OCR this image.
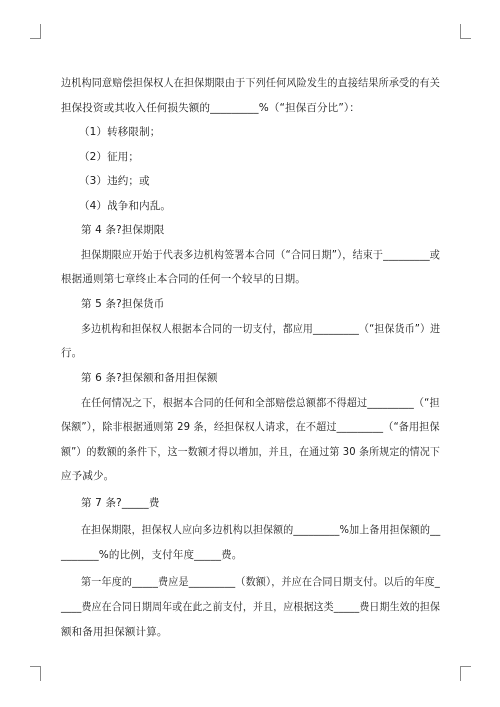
边机构同意赔偿担保权人在担保期限由于下列任何风险发生的直接结果所承受的有关
担保投资或其收入任何损失额的_________%（“担保百分比”）：
（1）转移限制；
（2）征用；
（3）违约；或
（4）战争和内乱。
第 4 条?担保期限
担保期限应开始于代表多边机构签署本合同（“合同日期”），结束于_________或
根据通则第七章终止本合同的任何一个较早的日期。
第 5 条?担保货币
多边机构和担保权人根据本合同的一切支付，都应用_________（“担保货币”）进
行。
第 6 条?担保额和备用担保额
在任何情况之下，根据本合同的任何和全部赔偿总额都不得超过_________（“担
保额”），除非根据通则第 29 条，经担保权人请求，在不超过_________（“备用担保
额”）的数额的条件下，这一数额才得以增加，并且，在通过第 30 条所规定的情况下
应予减少。
第 7 条?_____费
在担保期限，担保权人应向多边机构以担保额的_________%加上备用担保额的__
_______%的比例，支付年度_____费。
第一年度的_____费应是_________（数额），并应在合同日期支付。以后的年度_
____费应在合同日期周年或在此之前支付，并且，应根据这类_____费日期生效的担保
额和备用担保额计算。
